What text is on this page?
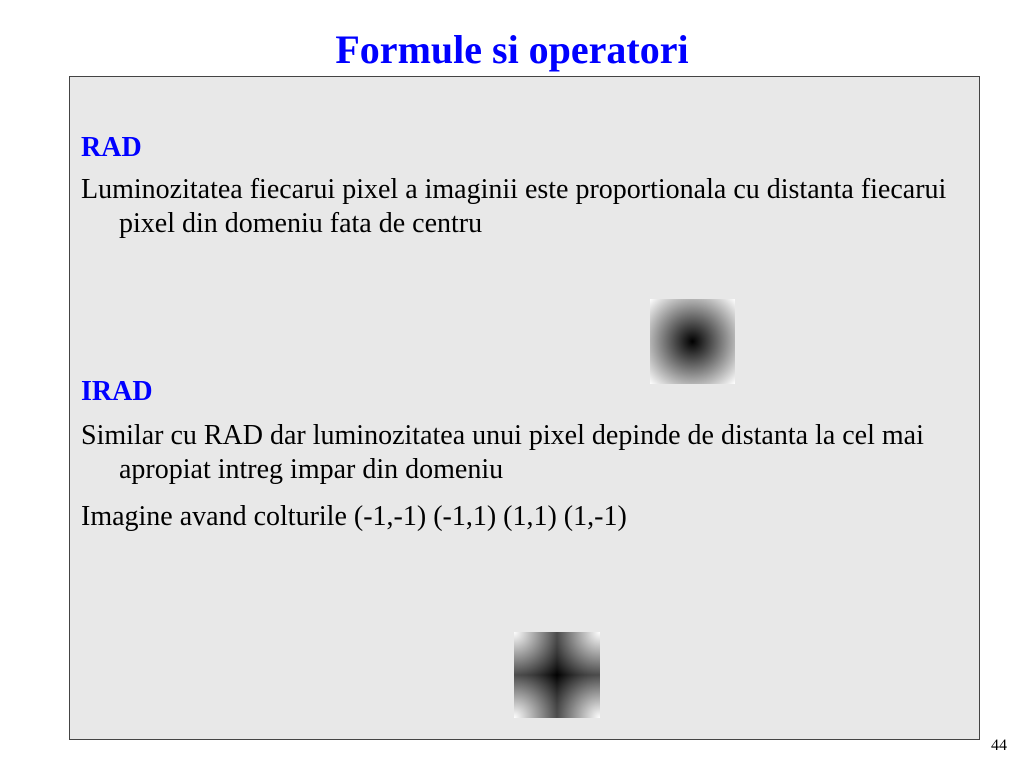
Formule si operatori
RAD
Luminozitatea fiecarui pixel a imaginii este proportionala cu distanta fiecarui pixel din domeniu fata de centru
IRAD
Similar cu RAD dar luminozitatea unui pixel depinde de distanta la cel mai apropiat intreg impar din domeniu
Imagine avand colturile (-1,-1) (-1,1) (1,1) (1,-1)
44
